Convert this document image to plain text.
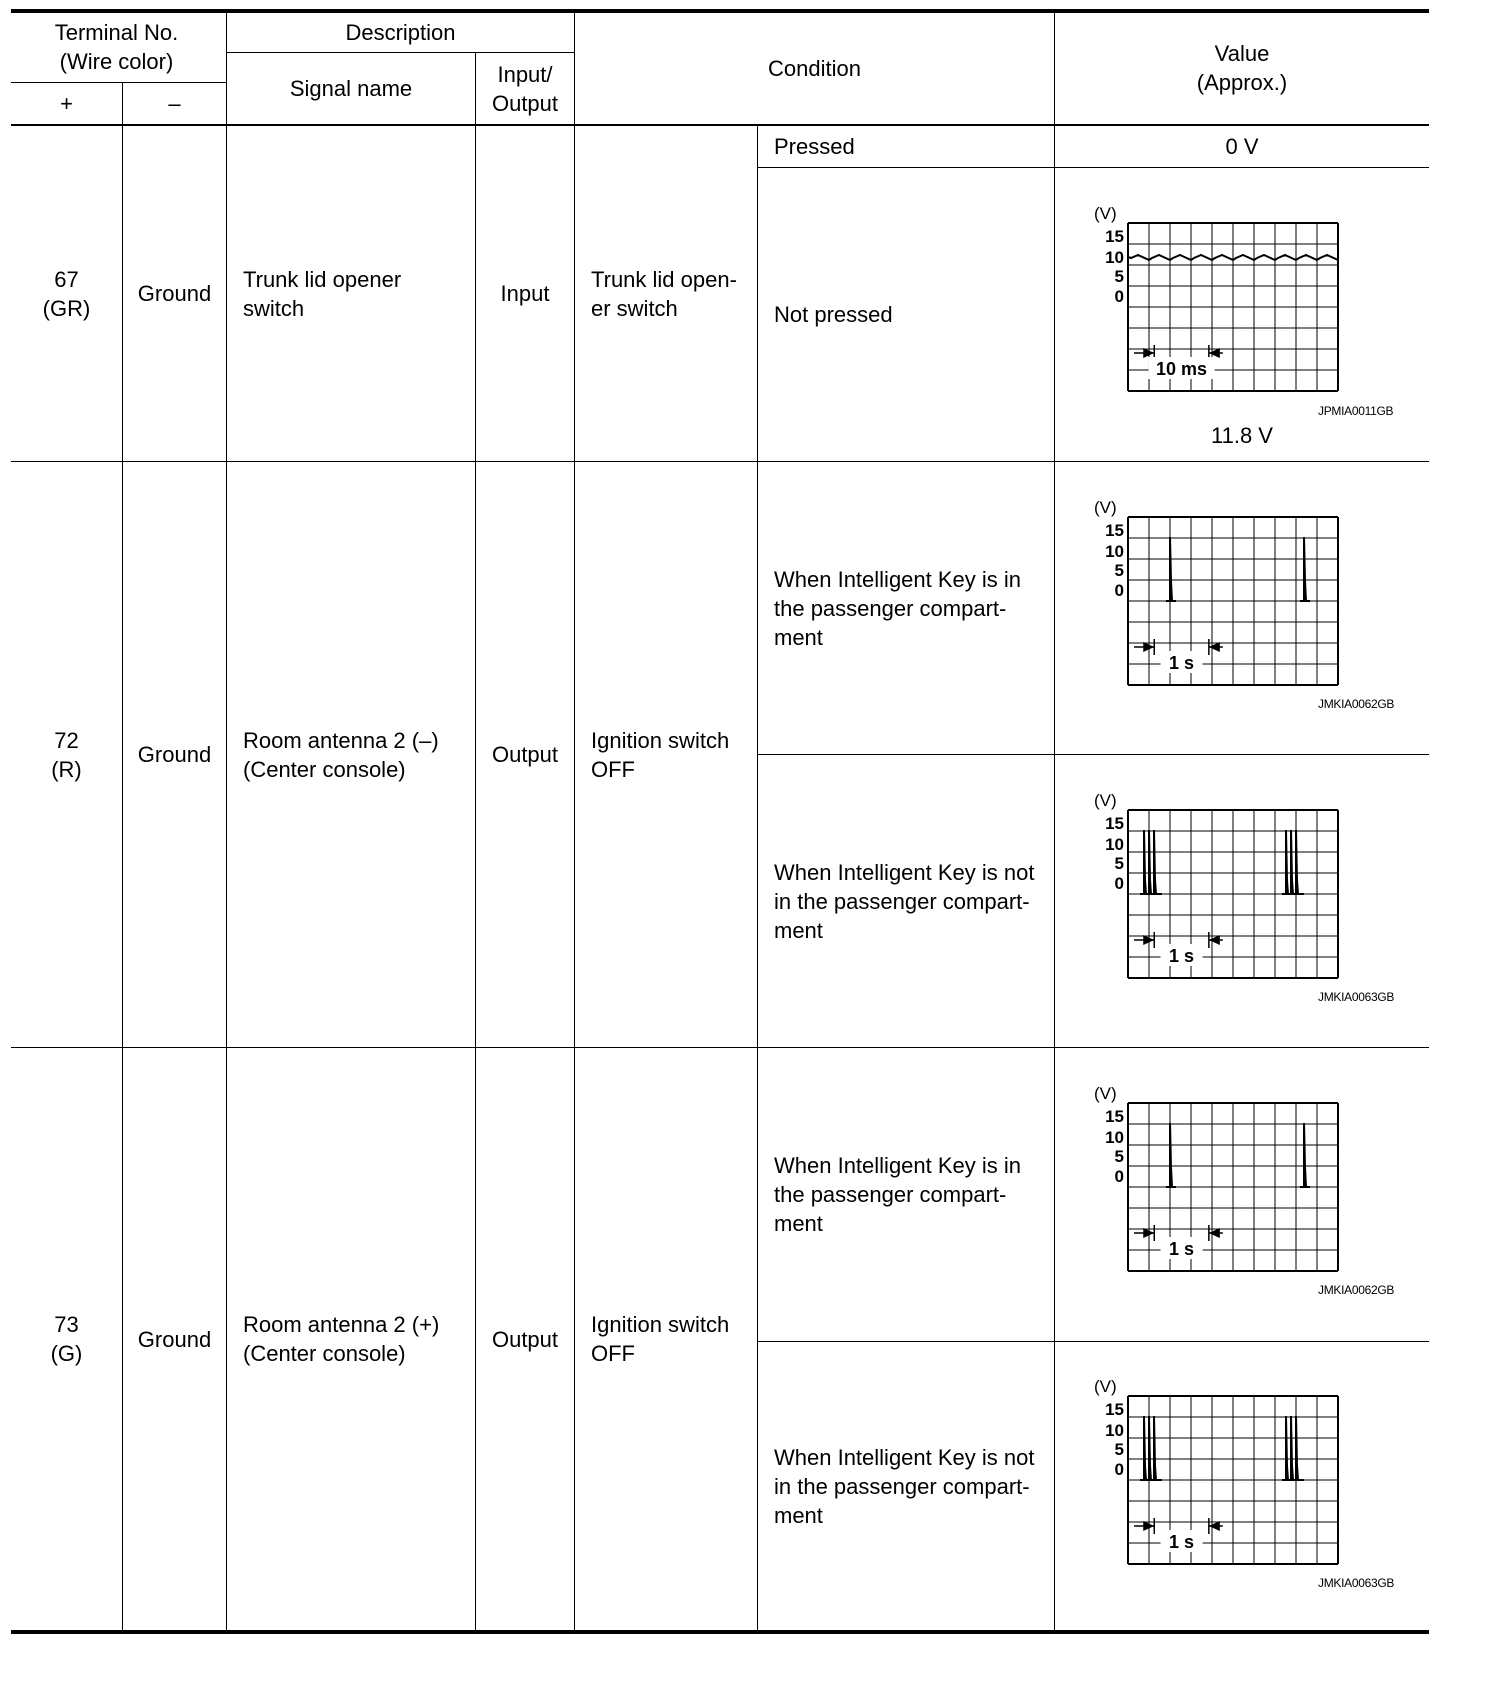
Terminal No.
(Wire color)
+	–
Description
Signal name
Input/
Output
Condition
Value
(Approx.)
67
(GR)
Ground
Trunk lid opener
switch
Input
Trunk lid open-
er switch
Pressed	0 V
Not pressed
(V)
15
10
5
0
10 ms
JPMIA0011GB
11.8 V
72
(R)
Ground
Room antenna 2 (–)
(Center console)
Output
Ignition switch
OFF
When Intelligent Key is in
the passenger compart-
ment
(V)
15
10
5
0
1 s
JMKIA0062GB
When Intelligent Key is not
in the passenger compart-
ment
(V)
15
10
5
0
1 s
JMKIA0063GB
73
(G)
Ground
Room antenna 2 (+)
(Center console)
Output
Ignition switch
OFF
When Intelligent Key is in
the passenger compart-
ment
(V)
15
10
5
0
1 s
JMKIA0062GB
When Intelligent Key is not
in the passenger compart-
ment
(V)
15
10
5
0
1 s
JMKIA0063GB
